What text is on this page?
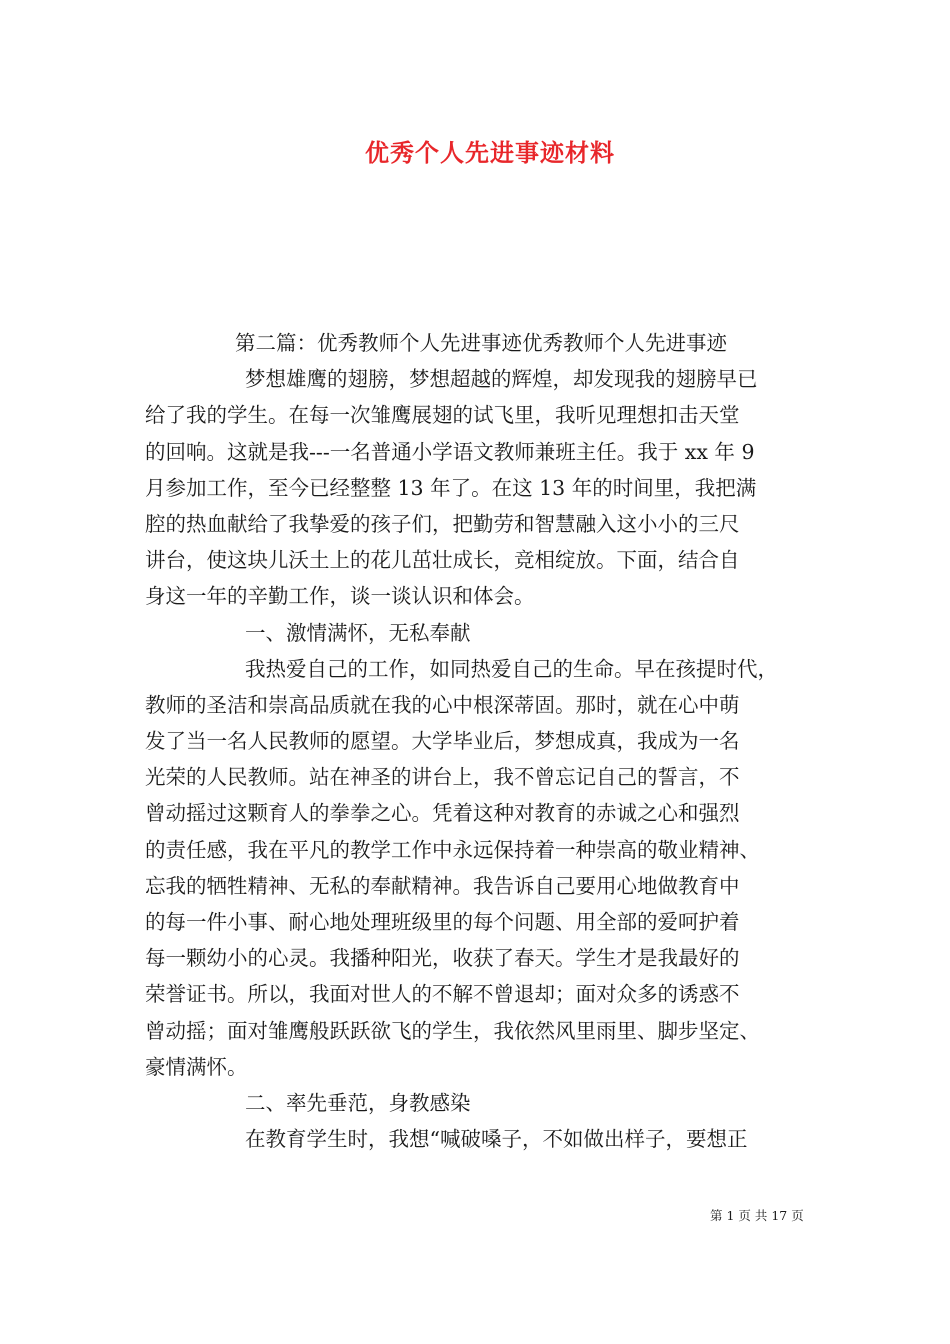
优秀个人先进事迹材料
第二篇：优秀教师个人先进事迹优秀教师个人先进事迹
梦想雄鹰的翅膀，梦想超越的辉煌，却发现我的翅膀早已
给了我的学生。在每一次雏鹰展翅的试飞里，我听见理想扣击天堂
的回响。这就是我---一名普通小学语文教师兼班主任。我于 xx 年 9
月参加工作，至今已经整整 13 年了。在这 13 年的时间里，我把满
腔的热血献给了我挚爱的孩子们，把勤劳和智慧融入这小小的三尺
讲台，使这块儿沃土上的花儿茁壮成长，竞相绽放。下面，结合自
身这一年的辛勤工作，谈一谈认识和体会。
一、激情满怀，无私奉献
我热爱自己的工作，如同热爱自己的生命。早在孩提时代，
教师的圣洁和崇高品质就在我的心中根深蒂固。那时，就在心中萌
发了当一名人民教师的愿望。大学毕业后，梦想成真，我成为一名
光荣的人民教师。站在神圣的讲台上，我不曾忘记自己的誓言，不
曾动摇过这颗育人的拳拳之心。凭着这种对教育的赤诚之心和强烈
的责任感，我在平凡的教学工作中永远保持着一种崇高的敬业精神、
忘我的牺牲精神、无私的奉献精神。我告诉自己要用心地做教育中
的每一件小事、耐心地处理班级里的每个问题、用全部的爱呵护着
每一颗幼小的心灵。我播种阳光，收获了春天。学生才是我最好的
荣誉证书。所以，我面对世人的不解不曾退却；面对众多的诱惑不
曾动摇；面对雏鹰般跃跃欲飞的学生，我依然风里雨里、脚步坚定、
豪情满怀。
二、率先垂范，身教感染
在教育学生时，我想“喊破嗓子，不如做出样子，要想正
第 1 页 共 17 页
